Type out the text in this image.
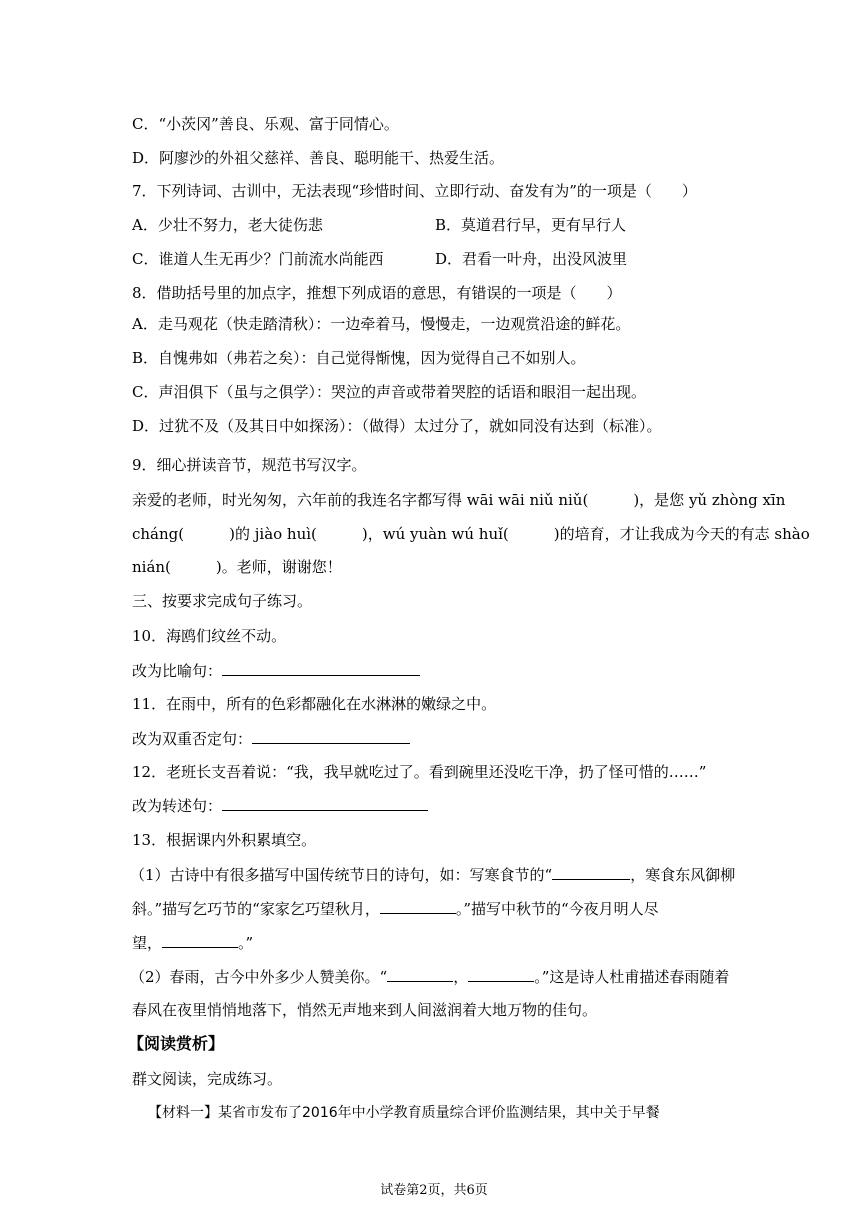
C．“小茨冈”善良、乐观、富于同情心。
D．阿廖沙的外祖父慈祥、善良、聪明能干、热爱生活。
7．下列诗词、古训中，无法表现“珍惜时间、立即行动、奋发有为”的一项是（　　）
A．少壮不努力，老大徒伤悲	B．莫道君行早，更有早行人
C．谁道人生无再少？门前流水尚能西	D．君看一叶舟，出没风波里
8．借助括号里的加点字，推想下列成语的意思，有错误的一项是（　　）
A．走马观花（快走踏清秋）：一边牵着马，慢慢走，一边观赏沿途的鲜花。
B．自愧弗如（弗若之矣）：自己觉得惭愧，因为觉得自己不如别人。
C．声泪俱下（虽与之俱学）：哭泣的声音或带着哭腔的话语和眼泪一起出现。
D．过犹不及（及其日中如探汤）：（做得）太过分了，就如同没有达到（标准）。
9．细心拼读音节，规范书写汉字。
亲爱的老师，时光匆匆，六年前的我连名字都写得 wāi wāi niǔ niǔ(　　　)，是您 yǔ zhòng xīn
cháng(　　　)的 jiào huì(　　　)，wú yuàn wú huǐ(　　　)的培育，才让我成为今天的有志 shào
nián(　　　)。老师，谢谢您！
三、按要求完成句子练习。
10．海鸥们纹丝不动。
改为比喻句：
11．在雨中，所有的色彩都融化在水淋淋的嫩绿之中。
改为双重否定句：
12．老班长支吾着说：“我，我早就吃过了。看到碗里还没吃干净，扔了怪可惜的……”
改为转述句：
13．根据课内外积累填空。
（1）古诗中有很多描写中国传统节日的诗句，如：写寒食节的“	，寒食东风御柳
斜。”描写乞巧节的“家家乞巧望秋月，	。”描写中秋节的“今夜月明人尽
望，	。”
（2）春雨，古今中外多少人赞美你。“	，	。”这是诗人杜甫描述春雨随着
春风在夜里悄悄地落下，悄然无声地来到人间滋润着大地万物的佳句。
【阅读赏析】
群文阅读，完成练习。
【材料一】某省市发布了2016年中小学教育质量综合评价监测结果，其中关于早餐
试卷第2页，共6页
